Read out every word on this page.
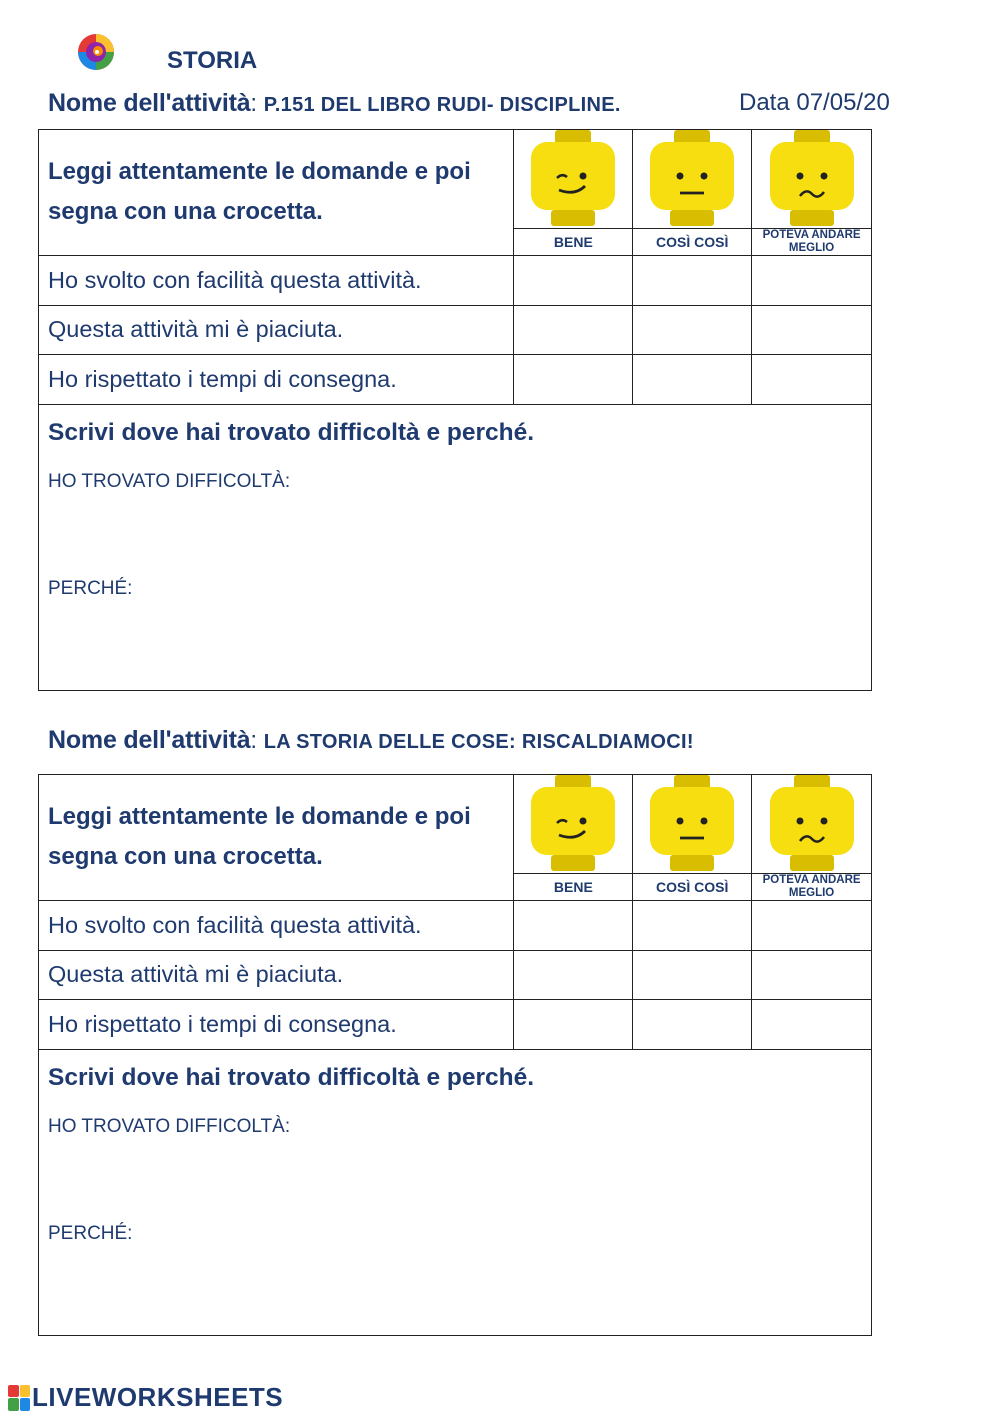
STORIA
Nome dell'attività: P.151 DEL LIBRO RUDI- DISCIPLINE.	Data 07/05/20
Leggi attentamente le domande e poi segna con una crocetta.
BENE	COSÌ COSÌ	POTEVA ANDARE MEGLIO
Ho svolto con facilità questa attività.
Questa attività mi è piaciuta.
Ho rispettato i tempi di consegna.
Scrivi dove hai trovato difficoltà e perché.
HO TROVATO DIFFICOLTÀ:
PERCHÉ:
Nome dell'attività: LA STORIA DELLE COSE: RISCALDIAMOCI!
Leggi attentamente le domande e poi segna con una crocetta.
BENE	COSÌ COSÌ	POTEVA ANDARE MEGLIO
Ho svolto con facilità questa attività.
Questa attività mi è piaciuta.
Ho rispettato i tempi di consegna.
Scrivi dove hai trovato difficoltà e perché.
HO TROVATO DIFFICOLTÀ:
PERCHÉ:
LIVEWORKSHEETS
